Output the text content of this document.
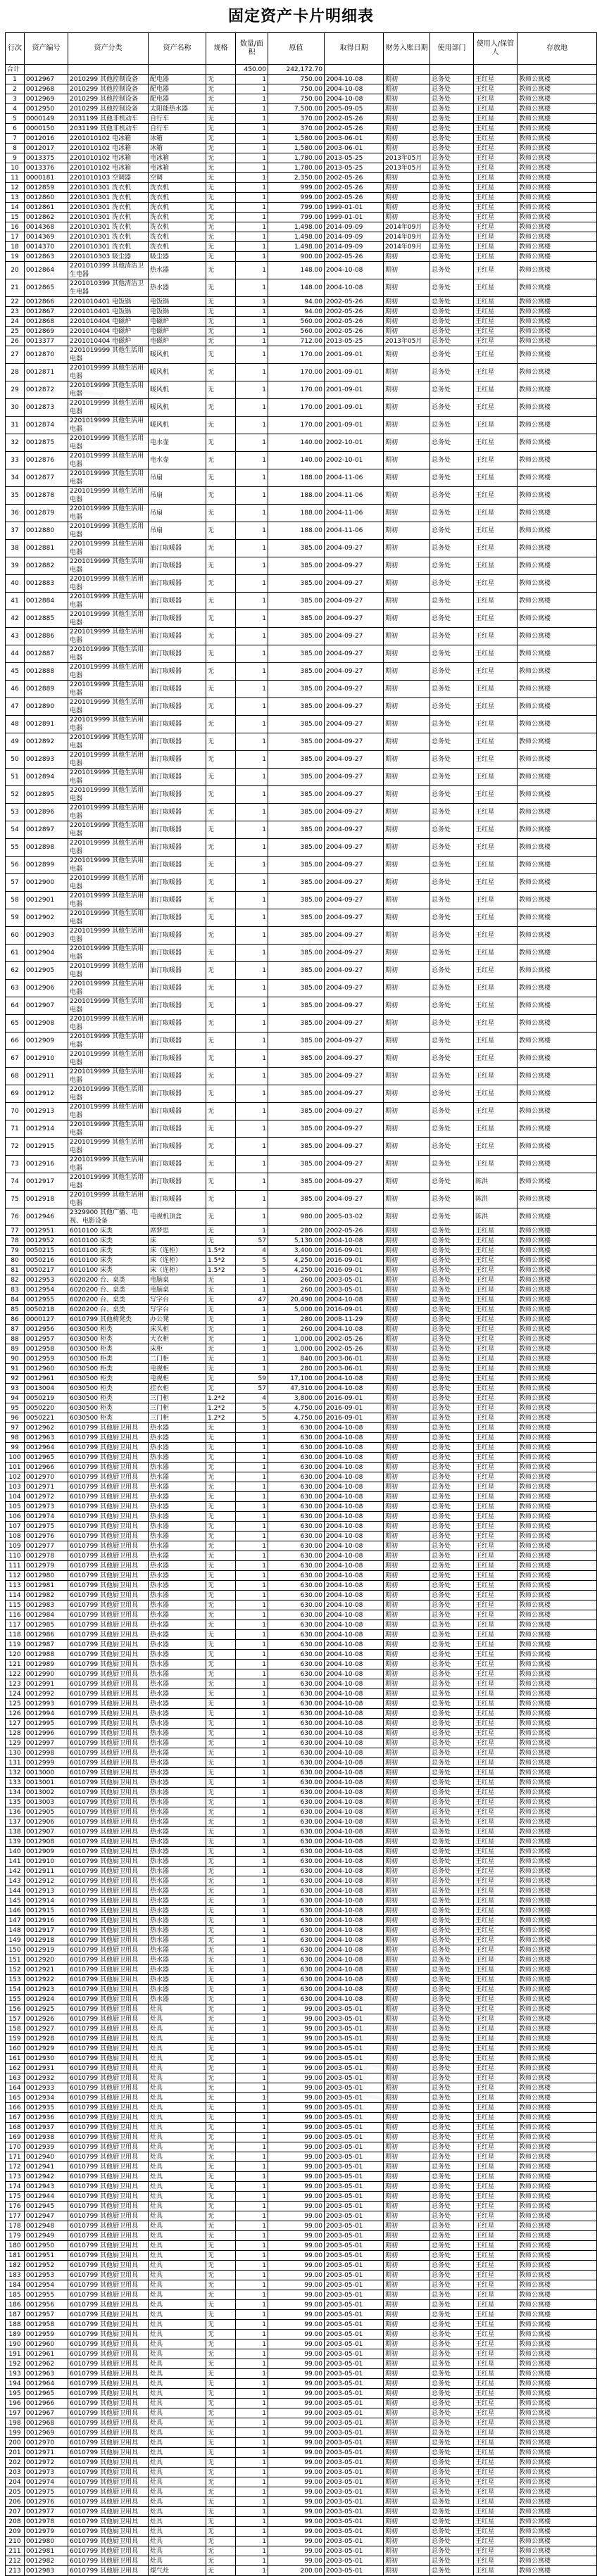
固定资产卡片明细表
行次	资产编号	资产分类	资产名称	规格	数量/面积	原值	取得日期	财务入账日期	使用部门	使用人/保管人	存放地
合计					450.00	242,172.70					
1	0012967	2010299 其他控制设备	配电器	无	1	750.00	2004-10-08	期初	总务处	王红星	教师公寓楼
2	0012968	2010299 其他控制设备	配电器	无	1	750.00	2004-10-08	期初	总务处	王红星	教师公寓楼
3	0012969	2010299 其他控制设备	配电器	无	1	750.00	2004-10-08	期初	总务处	王红星	教师公寓楼
4	0012950	2010299 其他控制设备	太阳能热水器	无	1	7,500.00	2005-09-05	期初	总务处	王红星	教师公寓楼
5	0000149	2031199 其他非机动车	自行车	无	1	370.00	2002-05-26	期初	总务处	王红星	教师公寓楼
6	0000150	2031199 其他非机动车	自行车	无	1	370.00	2002-05-26	期初	总务处	王红星	教师公寓楼
7	0012016	2201010102 电冰箱	冰箱	无	1	1,580.00	2003-06-01	期初	总务处	王红星	教师公寓楼
8	0012017	2201010102 电冰箱	冰箱	无	1	1,580.00	2003-06-01	期初	总务处	王红星	教师公寓楼
9	0013375	2201010102 电冰箱	电冰箱	无	1	1,780.00	2013-05-25	2013年05月	总务处	王红星	教师公寓楼
10	0013376	2201010102 电冰箱	电冰箱	无	1	1,780.00	2013-05-25	2013年05月	总务处	王红星	教师公寓楼
11	0000181	2201010103 空调器	空调	无	1	2,350.00	2002-05-26	期初	总务处	王红星	教师公寓楼
12	0012859	2201010301 洗衣机	洗衣机	无	1	999.00	2002-05-26	期初	总务处	王红星	教师公寓楼
13	0012860	2201010301 洗衣机	洗衣机	无	1	999.00	2002-05-26	期初	总务处	王红星	教师公寓楼
14	0012861	2201010301 洗衣机	洗衣机	无	1	799.00	1999-01-01	期初	总务处	王红星	教师公寓楼
15	0012862	2201010301 洗衣机	洗衣机	无	1	799.00	1999-01-01	期初	总务处	王红星	教师公寓楼
16	0014368	2201010301 洗衣机	洗衣机	无	1	1,498.00	2014-09-09	2014年09月	总务处	王红星	教师公寓楼
17	0014369	2201010301 洗衣机	洗衣机	无	1	1,498.00	2014-09-09	2014年09月	总务处	王红星	教师公寓楼
18	0014370	2201010301 洗衣机	洗衣机	无	1	1,498.00	2014-09-09	2014年09月	总务处	王红星	教师公寓楼
19	0012863	2201010303 吸尘器	吸尘器	无	1	900.00	2002-05-26	期初	总务处	王红星	教师公寓楼
20	0012864	2201010399 其他清洁卫生电器	热水器	无	1	148.00	2004-10-08	期初	总务处	王红星	教师公寓楼
21	0012865	2201010399 其他清洁卫生电器	热水器	无	1	148.00	2004-10-08	期初	总务处	王红星	教师公寓楼
22	0012866	2201010401 电饭锅	电饭锅	无	1	94.00	2002-05-26	期初	总务处	王红星	教师公寓楼
23	0012867	2201010401 电饭锅	电饭锅	无	1	94.00	2002-05-26	期初	总务处	王红星	教师公寓楼
24	0012868	2201010404 电磁炉	电磁炉	无	1	560.00	2002-05-26	期初	总务处	王红星	教师公寓楼
25	0012869	2201010404 电磁炉	电磁炉	无	1	560.00	2002-05-26	期初	总务处	王红星	教师公寓楼
26	0013377	2201010404 电磁炉	电磁炉	无	1	712.00	2013-05-25	2013年05月	总务处	王红星	教师公寓楼
27	0012870	2201019999 其他生活用电器	暖风机	无	1	170.00	2001-09-01	期初	总务处	王红星	教师公寓楼
28	0012871	2201019999 其他生活用电器	暖风机	无	1	170.00	2001-09-01	期初	总务处	王红星	教师公寓楼
29	0012872	2201019999 其他生活用电器	暖风机	无	1	170.00	2001-09-01	期初	总务处	王红星	教师公寓楼
30	0012873	2201019999 其他生活用电器	暖风机	无	1	170.00	2001-09-01	期初	总务处	王红星	教师公寓楼
31	0012874	2201019999 其他生活用电器	暖风机	无	1	170.00	2001-09-01	期初	总务处	王红星	教师公寓楼
32	0012875	2201019999 其他生活用电器	电水壶	无	1	140.00	2002-10-01	期初	总务处	王红星	教师公寓楼
33	0012876	2201019999 其他生活用电器	电水壶	无	1	140.00	2002-10-01	期初	总务处	王红星	教师公寓楼
34	0012877	2201019999 其他生活用电器	吊扇	无	1	188.00	2004-11-06	期初	总务处	王红星	教师公寓楼
35	0012878	2201019999 其他生活用电器	吊扇	无	1	188.00	2004-11-06	期初	总务处	王红星	教师公寓楼
36	0012879	2201019999 其他生活用电器	吊扇	无	1	188.00	2004-11-06	期初	总务处	王红星	教师公寓楼
37	0012880	2201019999 其他生活用电器	吊扇	无	1	188.00	2004-11-06	期初	总务处	王红星	教师公寓楼
38	0012881	2201019999 其他生活用电器	油汀取暖器	无	1	385.00	2004-09-27	期初	总务处	王红星	教师公寓楼
39	0012882	2201019999 其他生活用电器	油汀取暖器	无	1	385.00	2004-09-27	期初	总务处	王红星	教师公寓楼
40	0012883	2201019999 其他生活用电器	油汀取暖器	无	1	385.00	2004-09-27	期初	总务处	王红星	教师公寓楼
41	0012884	2201019999 其他生活用电器	油汀取暖器	无	1	385.00	2004-09-27	期初	总务处	王红星	教师公寓楼
42	0012885	2201019999 其他生活用电器	油汀取暖器	无	1	385.00	2004-09-27	期初	总务处	王红星	教师公寓楼
43	0012886	2201019999 其他生活用电器	油汀取暖器	无	1	385.00	2004-09-27	期初	总务处	王红星	教师公寓楼
44	0012887	2201019999 其他生活用电器	油汀取暖器	无	1	385.00	2004-09-27	期初	总务处	王红星	教师公寓楼
45	0012888	2201019999 其他生活用电器	油汀取暖器	无	1	385.00	2004-09-27	期初	总务处	王红星	教师公寓楼
46	0012889	2201019999 其他生活用电器	油汀取暖器	无	1	385.00	2004-09-27	期初	总务处	王红星	教师公寓楼
47	0012890	2201019999 其他生活用电器	油汀取暖器	无	1	385.00	2004-09-27	期初	总务处	王红星	教师公寓楼
48	0012891	2201019999 其他生活用电器	油汀取暖器	无	1	385.00	2004-09-27	期初	总务处	王红星	教师公寓楼
49	0012892	2201019999 其他生活用电器	油汀取暖器	无	1	385.00	2004-09-27	期初	总务处	王红星	教师公寓楼
50	0012893	2201019999 其他生活用电器	油汀取暖器	无	1	385.00	2004-09-27	期初	总务处	王红星	教师公寓楼
51	0012894	2201019999 其他生活用电器	油汀取暖器	无	1	385.00	2004-09-27	期初	总务处	王红星	教师公寓楼
52	0012895	2201019999 其他生活用电器	油汀取暖器	无	1	385.00	2004-09-27	期初	总务处	王红星	教师公寓楼
53	0012896	2201019999 其他生活用电器	油汀取暖器	无	1	385.00	2004-09-27	期初	总务处	王红星	教师公寓楼
54	0012897	2201019999 其他生活用电器	油汀取暖器	无	1	385.00	2004-09-27	期初	总务处	王红星	教师公寓楼
55	0012898	2201019999 其他生活用电器	油汀取暖器	无	1	385.00	2004-09-27	期初	总务处	王红星	教师公寓楼
56	0012899	2201019999 其他生活用电器	油汀取暖器	无	1	385.00	2004-09-27	期初	总务处	王红星	教师公寓楼
57	0012900	2201019999 其他生活用电器	油汀取暖器	无	1	385.00	2004-09-27	期初	总务处	王红星	教师公寓楼
58	0012901	2201019999 其他生活用电器	油汀取暖器	无	1	385.00	2004-09-27	期初	总务处	王红星	教师公寓楼
59	0012902	2201019999 其他生活用电器	油汀取暖器	无	1	385.00	2004-09-27	期初	总务处	王红星	教师公寓楼
60	0012903	2201019999 其他生活用电器	油汀取暖器	无	1	385.00	2004-09-27	期初	总务处	王红星	教师公寓楼
61	0012904	2201019999 其他生活用电器	油汀取暖器	无	1	385.00	2004-09-27	期初	总务处	王红星	教师公寓楼
62	0012905	2201019999 其他生活用电器	油汀取暖器	无	1	385.00	2004-09-27	期初	总务处	王红星	教师公寓楼
63	0012906	2201019999 其他生活用电器	油汀取暖器	无	1	385.00	2004-09-27	期初	总务处	王红星	教师公寓楼
64	0012907	2201019999 其他生活用电器	油汀取暖器	无	1	385.00	2004-09-27	期初	总务处	王红星	教师公寓楼
65	0012908	2201019999 其他生活用电器	油汀取暖器	无	1	385.00	2004-09-27	期初	总务处	王红星	教师公寓楼
66	0012909	2201019999 其他生活用电器	油汀取暖器	无	1	385.00	2004-09-27	期初	总务处	王红星	教师公寓楼
67	0012910	2201019999 其他生活用电器	油汀取暖器	无	1	385.00	2004-09-27	期初	总务处	王红星	教师公寓楼
68	0012911	2201019999 其他生活用电器	油汀取暖器	无	1	385.00	2004-09-27	期初	总务处	王红星	教师公寓楼
69	0012912	2201019999 其他生活用电器	油汀取暖器	无	1	385.00	2004-09-27	期初	总务处	王红星	教师公寓楼
70	0012913	2201019999 其他生活用电器	油汀取暖器	无	1	385.00	2004-09-27	期初	总务处	王红星	教师公寓楼
71	0012914	2201019999 其他生活用电器	油汀取暖器	无	1	385.00	2004-09-27	期初	总务处	王红星	教师公寓楼
72	0012915	2201019999 其他生活用电器	油汀取暖器	无	1	385.00	2004-09-27	期初	总务处	王红星	教师公寓楼
73	0012916	2201019999 其他生活用电器	油汀取暖器	无	1	385.00	2004-09-27	期初	总务处	王红星	教师公寓楼
74	0012917	2201019999 其他生活用电器	油汀取暖器	无	1	385.00	2004-09-27	期初	总务处	陈洪	教师公寓楼
75	0012918	2201019999 其他生活用电器	油汀取暖器	无	1	385.00	2004-09-27	期初	总务处	陈洪	教师公寓楼
76	0012946	2329900 其他广播、电视、电影设备	电视机顶盒	无	1	980.00	2005-03-02	期初	总务处	陈洪	教师公寓楼
77	0012951	6010100 床类	席梦思	无	1	280.00	2002-05-26	期初	总务处	王红星	教师公寓楼
78	0012952	6010100 床类	床	无	57	5,130.00	2004-10-08	期初	总务处	王红星	教师公寓楼
79	0050215	6010100 床类	床（连柜）	1.5*2	4	3,400.00	2016-09-01	期初	总务处	王红星	教师公寓楼
80	0050216	6010100 床类	床（连柜）	1.5*2	5	4,250.00	2016-09-01	期初	总务处	王红星	教师公寓楼
81	0050217	6010100 床类	床（连柜）	1.5*2	5	4,250.00	2016-09-01	期初	总务处	王红星	教师公寓楼
82	0012953	6020200 台、桌类	电脑桌	无	1	260.00	2003-05-01	期初	总务处	王红星	教师公寓楼
83	0012954	6020200 台、桌类	电脑桌	无	1	260.00	2003-05-01	期初	总务处	王红星	教师公寓楼
84	0012955	6020200 台、桌类	写字台	无	47	20,490.00	2004-10-08	期初	总务处	王红星	教师公寓楼
85	0050218	6020200 台、桌类	写字台	无	1	5,000.00	2016-09-01	期初	总务处	王红星	教师公寓楼
86	0000127	6010799 其他椅凳类	办公凳	无	1	280.00	2008-11-29	期初	总务处	王红星	教师公寓楼
87	0012956	6030500 柜类	床头柜	无	1	260.00	2004-10-08	期初	总务处	王红星	教师公寓楼
88	0012957	6030500 柜类	大衣柜	无	1	1,000.00	2002-05-26	期初	总务处	王红星	教师公寓楼
89	0012958	6030500 柜类	床柜	无	1	1,000.00	2002-05-26	期初	总务处	王红星	教师公寓楼
90	0012959	6030500 柜类	二门柜	无	1	840.00	2003-06-01	期初	总务处	王红星	教师公寓楼
91	0012960	6030500 柜类	电视柜	无	1	280.00	2003-06-01	期初	总务处	王红星	教师公寓楼
92	0012961	6030500 柜类	电视柜	无	59	17,100.00	2004-10-08	期初	总务处	王红星	教师公寓楼
93	0013004	6030500 柜类	挂衣柜	无	57	47,310.00	2004-10-08	期初	总务处	王红星	教师公寓楼
94	0050219	6030500 柜类	三门柜	1.2*2	4	3,800.00	2016-09-01	期初	总务处	王红星	教师公寓楼
95	0050220	6030500 柜类	三门柜	1.2*2	5	4,750.00	2016-09-01	期初	总务处	王红星	教师公寓楼
96	0050221	6030500 柜类	三门柜	1.2*2	5	4,750.00	2016-09-01	期初	总务处	王红星	教师公寓楼
97	0012962	6010799 其他厨卫用具	热水器	无	1	630.00	2004-10-08	期初	总务处	王红星	教师公寓楼
98	0012963	6010799 其他厨卫用具	热水器	无	1	630.00	2004-10-08	期初	总务处	王红星	教师公寓楼
99	0012964	6010799 其他厨卫用具	热水器	无	1	630.00	2004-10-08	期初	总务处	王红星	教师公寓楼
100	0012965	6010799 其他厨卫用具	热水器	无	1	630.00	2004-10-08	期初	总务处	王红星	教师公寓楼
101	0012966	6010799 其他厨卫用具	热水器	无	1	630.00	2004-10-08	期初	总务处	王红星	教师公寓楼
102	0012970	6010799 其他厨卫用具	热水器	无	1	630.00	2004-10-08	期初	总务处	王红星	教师公寓楼
103	0012971	6010799 其他厨卫用具	热水器	无	1	630.00	2004-10-08	期初	总务处	王红星	教师公寓楼
104	0012972	6010799 其他厨卫用具	热水器	无	1	630.00	2004-10-08	期初	总务处	王红星	教师公寓楼
105	0012973	6010799 其他厨卫用具	热水器	无	1	630.00	2004-10-08	期初	总务处	王红星	教师公寓楼
106	0012974	6010799 其他厨卫用具	热水器	无	1	630.00	2004-10-08	期初	总务处	王红星	教师公寓楼
107	0012975	6010799 其他厨卫用具	热水器	无	1	630.00	2004-10-08	期初	总务处	王红星	教师公寓楼
108	0012976	6010799 其他厨卫用具	热水器	无	1	630.00	2004-10-08	期初	总务处	王红星	教师公寓楼
109	0012977	6010799 其他厨卫用具	热水器	无	1	630.00	2004-10-08	期初	总务处	王红星	教师公寓楼
110	0012978	6010799 其他厨卫用具	热水器	无	1	630.00	2004-10-08	期初	总务处	王红星	教师公寓楼
111	0012979	6010799 其他厨卫用具	热水器	无	1	630.00	2004-10-08	期初	总务处	王红星	教师公寓楼
112	0012980	6010799 其他厨卫用具	热水器	无	1	630.00	2004-10-08	期初	总务处	王红星	教师公寓楼
113	0012981	6010799 其他厨卫用具	热水器	无	1	630.00	2004-10-08	期初	总务处	王红星	教师公寓楼
114	0012982	6010799 其他厨卫用具	热水器	无	1	630.00	2004-10-08	期初	总务处	王红星	教师公寓楼
115	0012983	6010799 其他厨卫用具	热水器	无	1	630.00	2004-10-08	期初	总务处	王红星	教师公寓楼
116	0012984	6010799 其他厨卫用具	热水器	无	1	630.00	2004-10-08	期初	总务处	王红星	教师公寓楼
117	0012985	6010799 其他厨卫用具	热水器	无	1	630.00	2004-10-08	期初	总务处	王红星	教师公寓楼
118	0012986	6010799 其他厨卫用具	热水器	无	1	630.00	2004-10-08	期初	总务处	王红星	教师公寓楼
119	0012987	6010799 其他厨卫用具	热水器	无	1	630.00	2004-10-08	期初	总务处	王红星	教师公寓楼
120	0012988	6010799 其他厨卫用具	热水器	无	1	630.00	2004-10-08	期初	总务处	王红星	教师公寓楼
121	0012989	6010799 其他厨卫用具	热水器	无	1	630.00	2004-10-08	期初	总务处	王红星	教师公寓楼
122	0012990	6010799 其他厨卫用具	热水器	无	1	630.00	2004-10-08	期初	总务处	王红星	教师公寓楼
123	0012991	6010799 其他厨卫用具	热水器	无	1	630.00	2004-10-08	期初	总务处	王红星	教师公寓楼
124	0012992	6010799 其他厨卫用具	热水器	无	1	630.00	2004-10-08	期初	总务处	王红星	教师公寓楼
125	0012993	6010799 其他厨卫用具	热水器	无	1	630.00	2004-10-08	期初	总务处	王红星	教师公寓楼
126	0012994	6010799 其他厨卫用具	热水器	无	1	630.00	2004-10-08	期初	总务处	王红星	教师公寓楼
127	0012995	6010799 其他厨卫用具	热水器	无	1	630.00	2004-10-08	期初	总务处	王红星	教师公寓楼
128	0012996	6010799 其他厨卫用具	热水器	无	1	630.00	2004-10-08	期初	总务处	王红星	教师公寓楼
129	0012997	6010799 其他厨卫用具	热水器	无	1	630.00	2004-10-08	期初	总务处	王红星	教师公寓楼
130	0012998	6010799 其他厨卫用具	热水器	无	1	630.00	2004-10-08	期初	总务处	王红星	教师公寓楼
131	0012999	6010799 其他厨卫用具	热水器	无	1	630.00	2004-10-08	期初	总务处	王红星	教师公寓楼
132	0013000	6010799 其他厨卫用具	热水器	无	1	630.00	2004-10-08	期初	总务处	王红星	教师公寓楼
133	0013001	6010799 其他厨卫用具	热水器	无	1	630.00	2004-10-08	期初	总务处	王红星	教师公寓楼
134	0013002	6010799 其他厨卫用具	热水器	无	1	630.00	2004-10-08	期初	总务处	王红星	教师公寓楼
135	0013003	6010799 其他厨卫用具	热水器	无	1	630.00	2004-10-08	期初	总务处	王红星	教师公寓楼
136	0012905	6010799 其他厨卫用具	热水器	无	1	630.00	2004-10-08	期初	总务处	王红星	教师公寓楼
137	0012906	6010799 其他厨卫用具	热水器	无	1	630.00	2004-10-08	期初	总务处	王红星	教师公寓楼
138	0012907	6010799 其他厨卫用具	热水器	无	1	630.00	2004-10-08	期初	总务处	王红星	教师公寓楼
139	0012908	6010799 其他厨卫用具	热水器	无	1	630.00	2004-10-08	期初	总务处	王红星	教师公寓楼
140	0012909	6010799 其他厨卫用具	热水器	无	1	630.00	2004-10-08	期初	总务处	王红星	教师公寓楼
141	0012910	6010799 其他厨卫用具	热水器	无	1	630.00	2004-10-08	期初	总务处	王红星	教师公寓楼
142	0012911	6010799 其他厨卫用具	热水器	无	1	630.00	2004-10-08	期初	总务处	王红星	教师公寓楼
143	0012912	6010799 其他厨卫用具	热水器	无	1	630.00	2004-10-08	期初	总务处	王红星	教师公寓楼
144	0012913	6010799 其他厨卫用具	热水器	无	1	630.00	2004-10-08	期初	总务处	王红星	教师公寓楼
145	0012914	6010799 其他厨卫用具	热水器	无	1	630.00	2004-10-08	期初	总务处	王红星	教师公寓楼
146	0012915	6010799 其他厨卫用具	热水器	无	1	630.00	2004-10-08	期初	总务处	王红星	教师公寓楼
147	0012916	6010799 其他厨卫用具	热水器	无	1	630.00	2004-10-08	期初	总务处	王红星	教师公寓楼
148	0012917	6010799 其他厨卫用具	热水器	无	1	630.00	2004-10-08	期初	总务处	王红星	教师公寓楼
149	0012918	6010799 其他厨卫用具	热水器	无	1	630.00	2004-10-08	期初	总务处	王红星	教师公寓楼
150	0012919	6010799 其他厨卫用具	热水器	无	1	630.00	2004-10-08	期初	总务处	王红星	教师公寓楼
151	0012920	6010799 其他厨卫用具	热水器	无	1	630.00	2004-10-08	期初	总务处	王红星	教师公寓楼
152	0012921	6010799 其他厨卫用具	热水器	无	1	630.00	2004-10-08	期初	总务处	王红星	教师公寓楼
153	0012922	6010799 其他厨卫用具	热水器	无	1	630.00	2004-10-08	期初	总务处	王红星	教师公寓楼
154	0012923	6010799 其他厨卫用具	热水器	无	1	630.00	2004-10-08	期初	总务处	王红星	教师公寓楼
155	0012924	6010799 其他厨卫用具	热水器	无	1	630.00	2004-10-08	期初	总务处	王红星	教师公寓楼
156	0012925	6010799 其他厨卫用具	灶具	无	1	99.00	2003-05-01	期初	总务处	王红星	教师公寓楼
157	0012926	6010799 其他厨卫用具	灶具	无	1	99.00	2003-05-01	期初	总务处	王红星	教师公寓楼
158	0012927	6010799 其他厨卫用具	灶具	无	1	99.00	2003-05-01	期初	总务处	王红星	教师公寓楼
159	0012928	6010799 其他厨卫用具	灶具	无	1	99.00	2003-05-01	期初	总务处	王红星	教师公寓楼
160	0012929	6010799 其他厨卫用具	灶具	无	1	99.00	2003-05-01	期初	总务处	王红星	教师公寓楼
161	0012930	6010799 其他厨卫用具	灶具	无	1	99.00	2003-05-01	期初	总务处	王红星	教师公寓楼
162	0012931	6010799 其他厨卫用具	灶具	无	1	99.00	2003-05-01	期初	总务处	王红星	教师公寓楼
163	0012932	6010799 其他厨卫用具	灶具	无	1	99.00	2003-05-01	期初	总务处	王红星	教师公寓楼
164	0012933	6010799 其他厨卫用具	灶具	无	1	99.00	2003-05-01	期初	总务处	王红星	教师公寓楼
165	0012934	6010799 其他厨卫用具	灶具	无	1	99.00	2003-05-01	期初	总务处	王红星	教师公寓楼
166	0012935	6010799 其他厨卫用具	灶具	无	1	99.00	2003-05-01	期初	总务处	王红星	教师公寓楼
167	0012936	6010799 其他厨卫用具	灶具	无	1	99.00	2003-05-01	期初	总务处	王红星	教师公寓楼
168	0012937	6010799 其他厨卫用具	灶具	无	1	99.00	2003-05-01	期初	总务处	王红星	教师公寓楼
169	0012938	6010799 其他厨卫用具	灶具	无	1	99.00	2003-05-01	期初	总务处	王红星	教师公寓楼
170	0012939	6010799 其他厨卫用具	灶具	无	1	99.00	2003-05-01	期初	总务处	王红星	教师公寓楼
171	0012940	6010799 其他厨卫用具	灶具	无	1	99.00	2003-05-01	期初	总务处	王红星	教师公寓楼
172	0012941	6010799 其他厨卫用具	灶具	无	1	99.00	2003-05-01	期初	总务处	王红星	教师公寓楼
173	0012942	6010799 其他厨卫用具	灶具	无	1	99.00	2003-05-01	期初	总务处	王红星	教师公寓楼
174	0012943	6010799 其他厨卫用具	灶具	无	1	99.00	2003-05-01	期初	总务处	王红星	教师公寓楼
175	0012944	6010799 其他厨卫用具	灶具	无	1	99.00	2003-05-01	期初	总务处	王红星	教师公寓楼
176	0012945	6010799 其他厨卫用具	灶具	无	1	99.00	2003-05-01	期初	总务处	王红星	教师公寓楼
177	0012947	6010799 其他厨卫用具	灶具	无	1	99.00	2003-05-01	期初	总务处	王红星	教师公寓楼
178	0012948	6010799 其他厨卫用具	灶具	无	1	99.00	2003-05-01	期初	总务处	王红星	教师公寓楼
179	0012949	6010799 其他厨卫用具	灶具	无	1	99.00	2003-05-01	期初	总务处	王红星	教师公寓楼
180	0012950	6010799 其他厨卫用具	灶具	无	1	99.00	2003-05-01	期初	总务处	王红星	教师公寓楼
181	0012951	6010799 其他厨卫用具	灶具	无	1	99.00	2003-05-01	期初	总务处	王红星	教师公寓楼
182	0012952	6010799 其他厨卫用具	灶具	无	1	99.00	2003-05-01	期初	总务处	王红星	教师公寓楼
183	0012953	6010799 其他厨卫用具	灶具	无	1	99.00	2003-05-01	期初	总务处	王红星	教师公寓楼
184	0012954	6010799 其他厨卫用具	灶具	无	1	99.00	2003-05-01	期初	总务处	王红星	教师公寓楼
185	0012955	6010799 其他厨卫用具	灶具	无	1	99.00	2003-05-01	期初	总务处	王红星	教师公寓楼
186	0012956	6010799 其他厨卫用具	灶具	无	1	99.00	2003-05-01	期初	总务处	王红星	教师公寓楼
187	0012957	6010799 其他厨卫用具	灶具	无	1	99.00	2003-05-01	期初	总务处	王红星	教师公寓楼
188	0012958	6010799 其他厨卫用具	灶具	无	1	99.00	2003-05-01	期初	总务处	王红星	教师公寓楼
189	0012959	6010799 其他厨卫用具	灶具	无	1	99.00	2003-05-01	期初	总务处	王红星	教师公寓楼
190	0012960	6010799 其他厨卫用具	灶具	无	1	99.00	2003-05-01	期初	总务处	王红星	教师公寓楼
191	0012961	6010799 其他厨卫用具	灶具	无	1	99.00	2003-05-01	期初	总务处	王红星	教师公寓楼
192	0012962	6010799 其他厨卫用具	灶具	无	1	99.00	2003-05-01	期初	总务处	王红星	教师公寓楼
193	0012963	6010799 其他厨卫用具	灶具	无	1	99.00	2003-05-01	期初	总务处	王红星	教师公寓楼
194	0012964	6010799 其他厨卫用具	灶具	无	1	99.00	2003-05-01	期初	总务处	王红星	教师公寓楼
195	0012965	6010799 其他厨卫用具	灶具	无	1	99.00	2003-05-01	期初	总务处	王红星	教师公寓楼
196	0012966	6010799 其他厨卫用具	灶具	无	1	99.00	2003-05-01	期初	总务处	王红星	教师公寓楼
197	0012967	6010799 其他厨卫用具	灶具	无	1	99.00	2003-05-01	期初	总务处	王红星	教师公寓楼
198	0012968	6010799 其他厨卫用具	灶具	无	1	99.00	2003-05-01	期初	总务处	王红星	教师公寓楼
199	0012969	6010799 其他厨卫用具	灶具	无	1	99.00	2003-05-01	期初	总务处	王红星	教师公寓楼
200	0012970	6010799 其他厨卫用具	灶具	无	1	99.00	2003-05-01	期初	总务处	王红星	教师公寓楼
201	0012971	6010799 其他厨卫用具	灶具	无	1	99.00	2003-05-01	期初	总务处	王红星	教师公寓楼
202	0012972	6010799 其他厨卫用具	灶具	无	1	99.00	2003-05-01	期初	总务处	王红星	教师公寓楼
203	0012973	6010799 其他厨卫用具	灶具	无	1	99.00	2003-05-01	期初	总务处	王红星	教师公寓楼
204	0012974	6010799 其他厨卫用具	灶具	无	1	99.00	2003-05-01	期初	总务处	王红星	教师公寓楼
205	0012975	6010799 其他厨卫用具	灶具	无	1	99.00	2003-05-01	期初	总务处	王红星	教师公寓楼
206	0012976	6010799 其他厨卫用具	灶具	无	1	99.00	2003-05-01	期初	总务处	王红星	教师公寓楼
207	0012977	6010799 其他厨卫用具	灶具	无	1	99.00	2003-05-01	期初	总务处	王红星	教师公寓楼
208	0012978	6010799 其他厨卫用具	灶具	无	1	99.00	2003-05-01	期初	总务处	王红星	教师公寓楼
209	0012979	6010799 其他厨卫用具	灶具	无	1	99.00	2003-05-01	期初	总务处	王红星	教师公寓楼
210	0012980	6010799 其他厨卫用具	灶具	无	1	99.00	2003-05-01	期初	总务处	王红星	教师公寓楼
211	0012981	6010799 其他厨卫用具	灶具	无	1	99.00	2003-05-01	期初	总务处	王红星	教师公寓楼
212	0012982	6010799 其他厨卫用具	灶具	无	1	99.00	2003-05-01	期初	总务处	王红星	教师公寓楼
213	0012983	6010799 其他厨卫用具	煤气灶	无	1	200.00	2003-05-01	期初	总务处	王红星	教师公寓楼
